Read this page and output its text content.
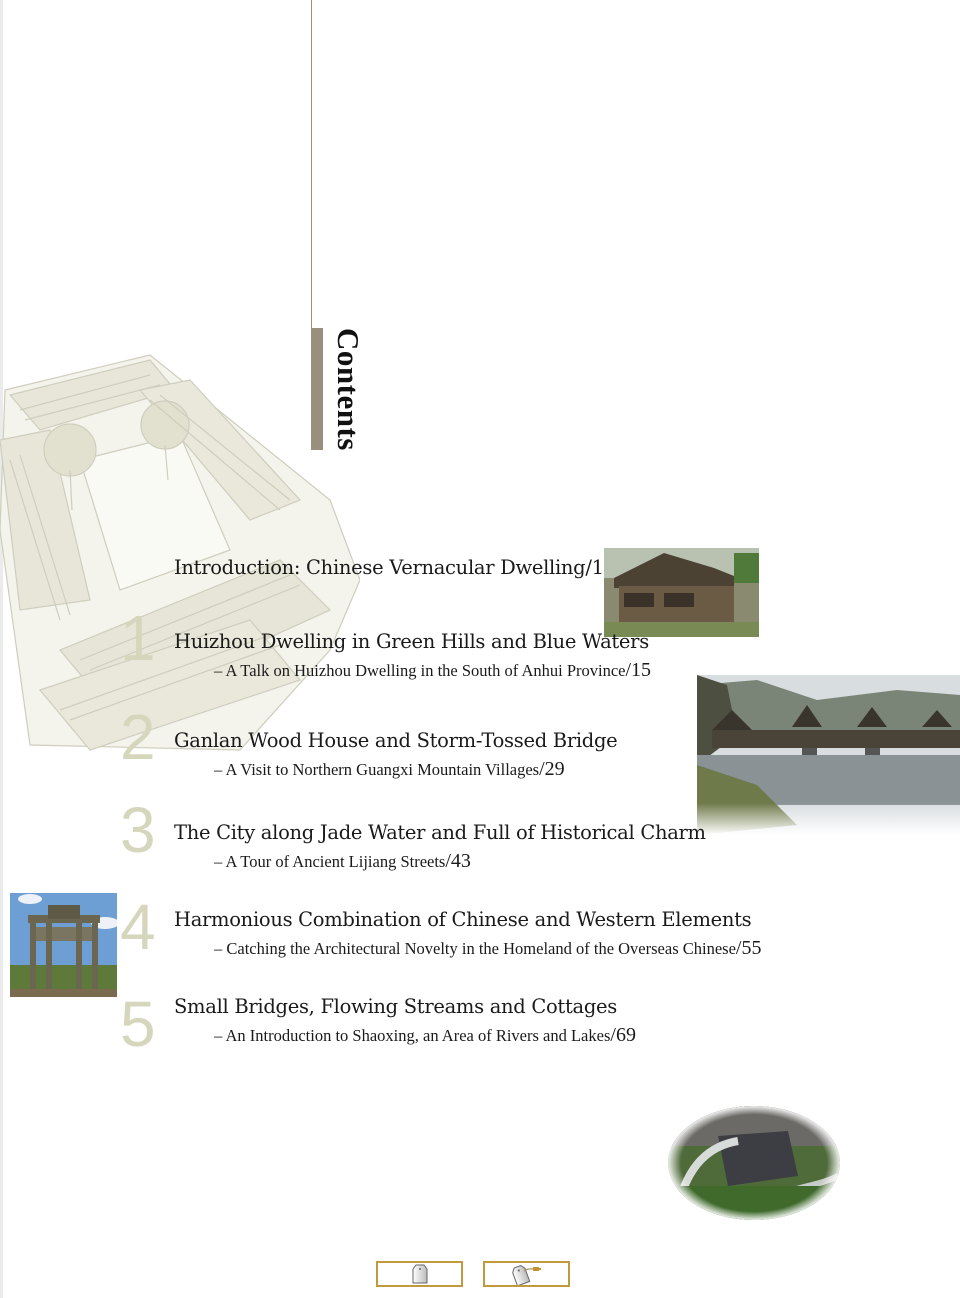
Contents
Introduction: Chinese Vernacular Dwelling/1
1 Huizhou Dwelling in Green Hills and Blue Waters
– A Talk on Huizhou Dwelling in the South of Anhui Province/15
2 Ganlan Wood House and Storm-Tossed Bridge
– A Visit to Northern Guangxi Mountain Villages/29
3 The City along Jade Water and Full of Historical Charm
– A Tour of Ancient Lijiang Streets/43
4 Harmonious Combination of Chinese and Western Elements
– Catching the Architectural Novelty in the Homeland of the Overseas Chinese/55
5 Small Bridges, Flowing Streams and Cottages
– An Introduction to Shaoxing, an Area of Rivers and Lakes/69
